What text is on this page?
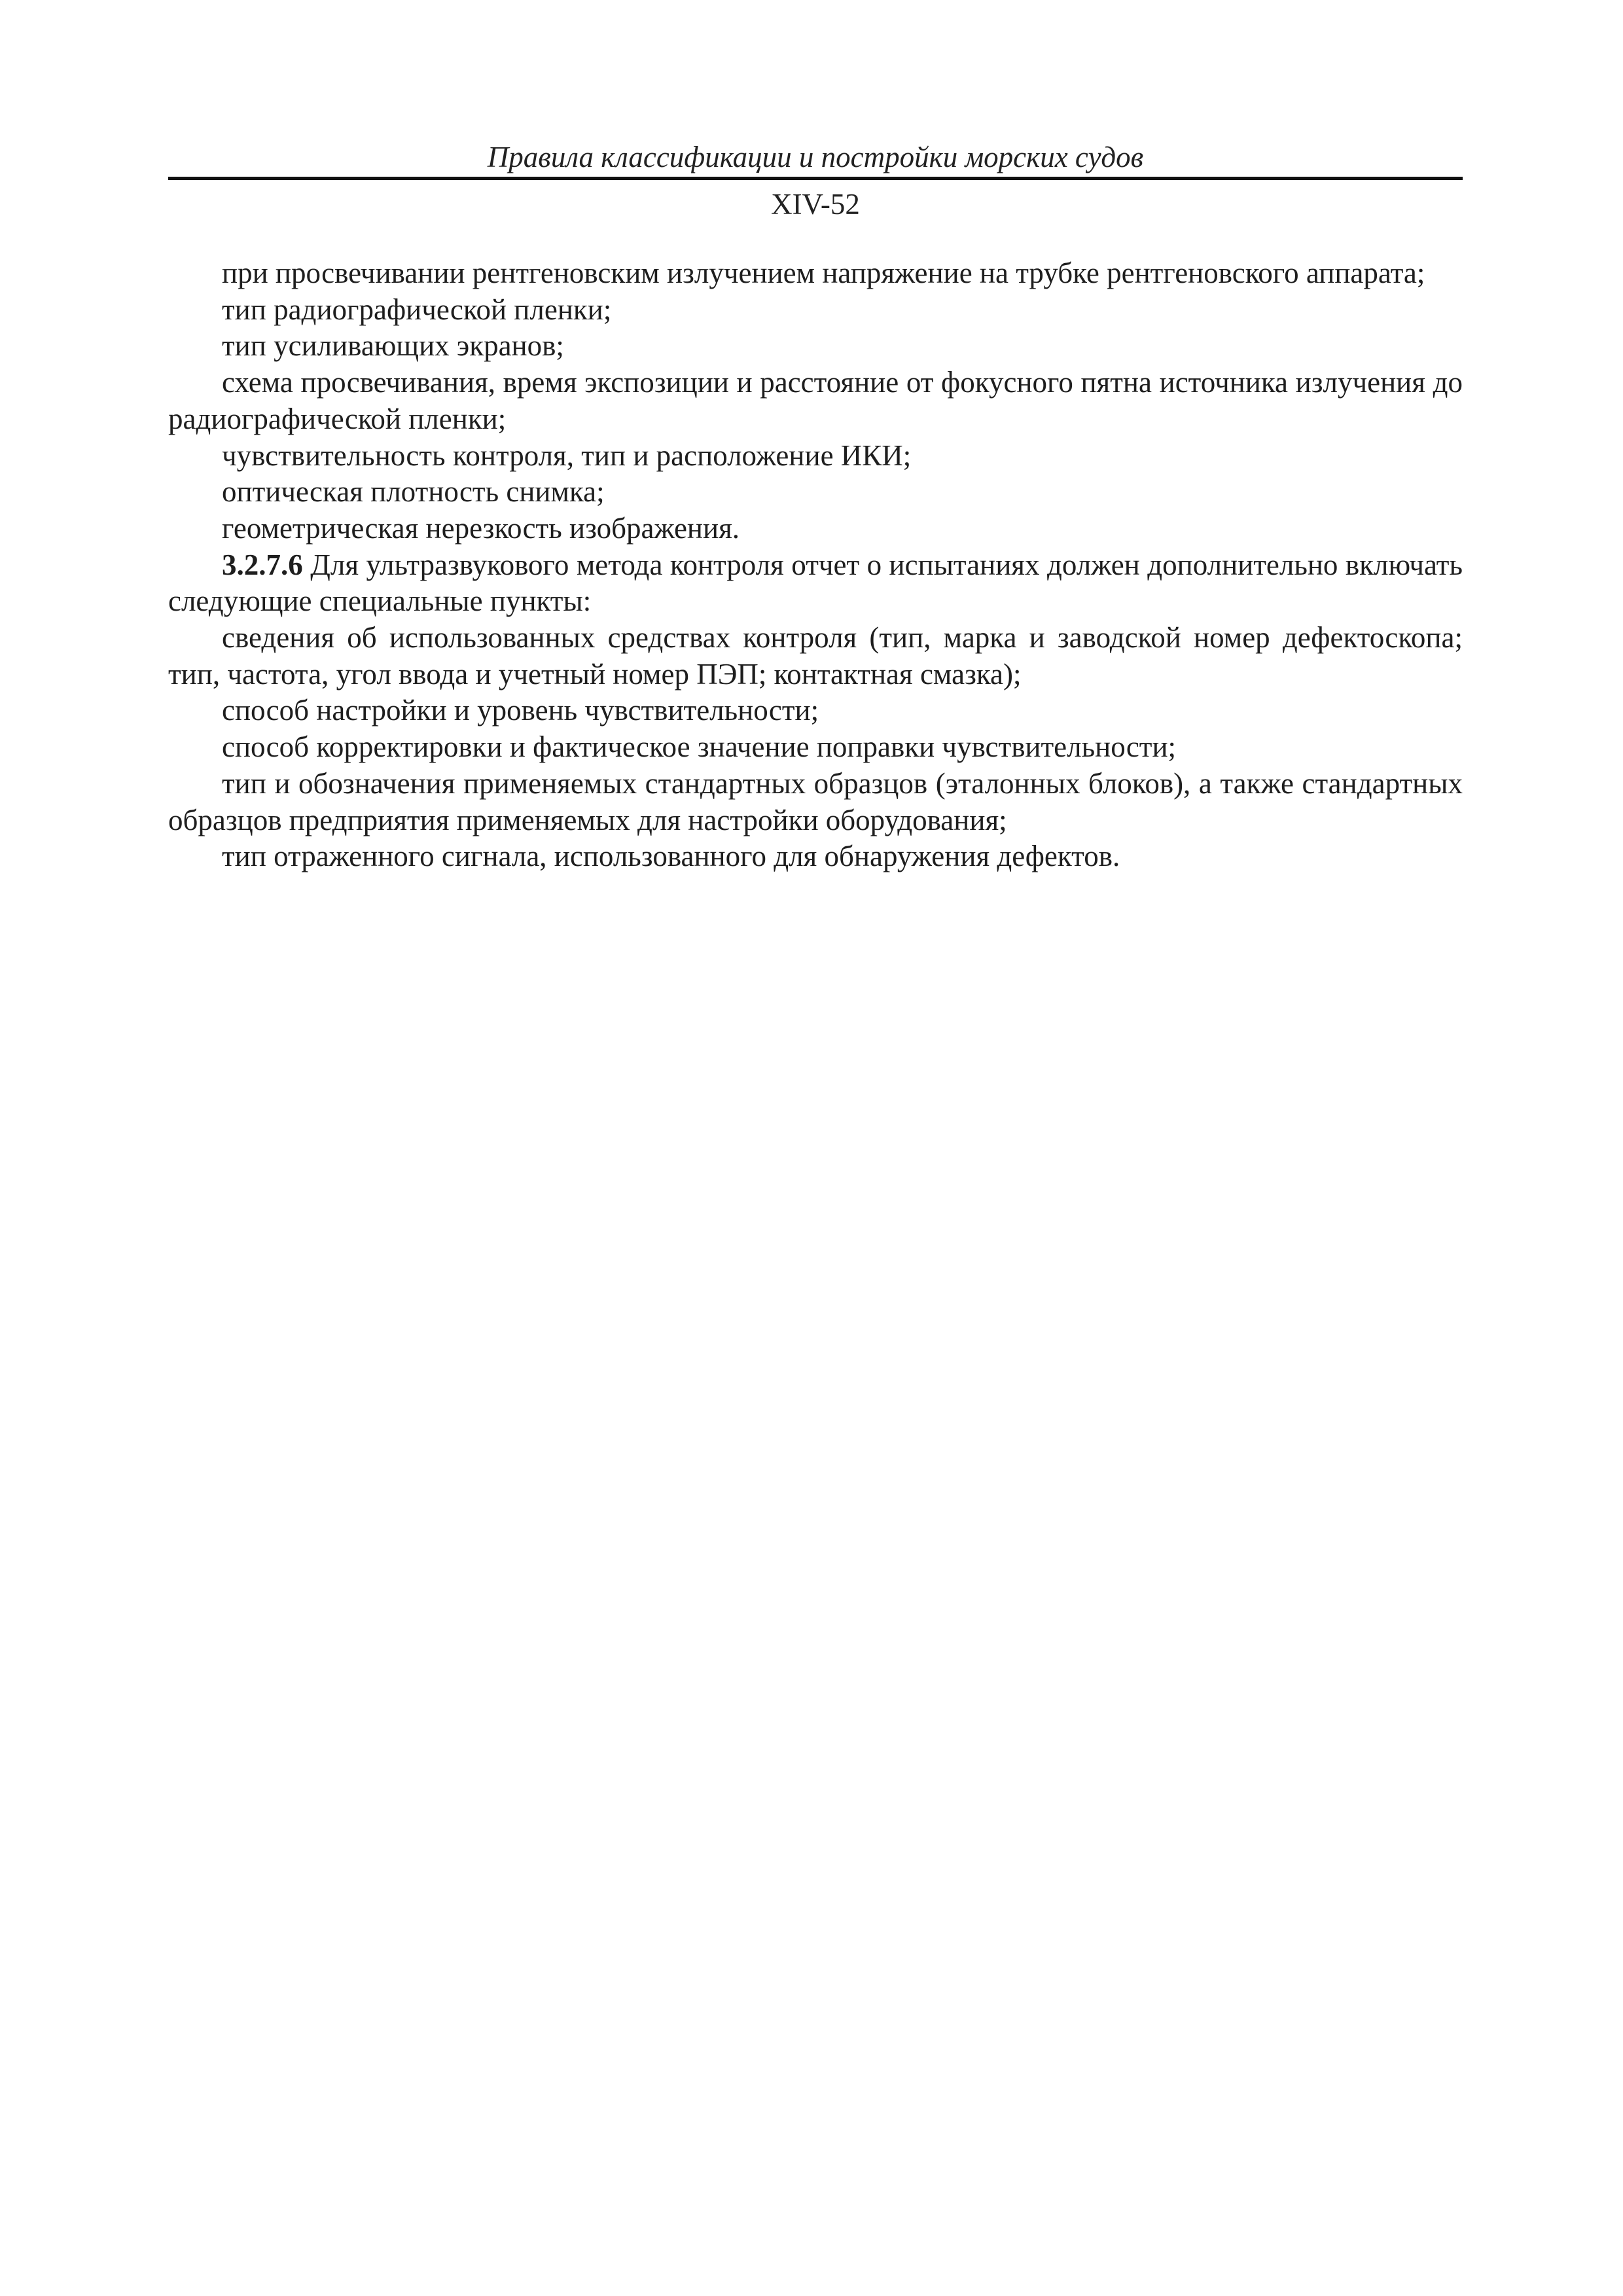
Правила классификации и постройки морских судов
XIV-52

при просвечивании рентгеновским излучением напряжение на трубке рентгеновского аппарата;

тип радиографической пленки;

тип усиливающих экранов;

схема просвечивания, время экспозиции и расстояние от фокусного пятна источника излучения до радиографической пленки;

чувствительность контроля, тип и расположение ИКИ;

оптическая плотность снимка;

геометрическая нерезкость изображения.

3.2.7.6 Для ультразвукового метода контроля отчет о испытаниях должен дополнительно включать следующие специальные пункты:

сведения об использованных средствах контроля (тип, марка и заводской номер дефектоскопа; тип, частота, угол ввода и учетный номер ПЭП; контактная смазка);

способ настройки и уровень чувствительности;

способ корректировки и фактическое значение поправки чувствительности;

тип и обозначения применяемых стандартных образцов (эталонных блоков), а также стандартных образцов предприятия применяемых для настройки оборудования;

тип отраженного сигнала, использованного для обнаружения дефектов.
